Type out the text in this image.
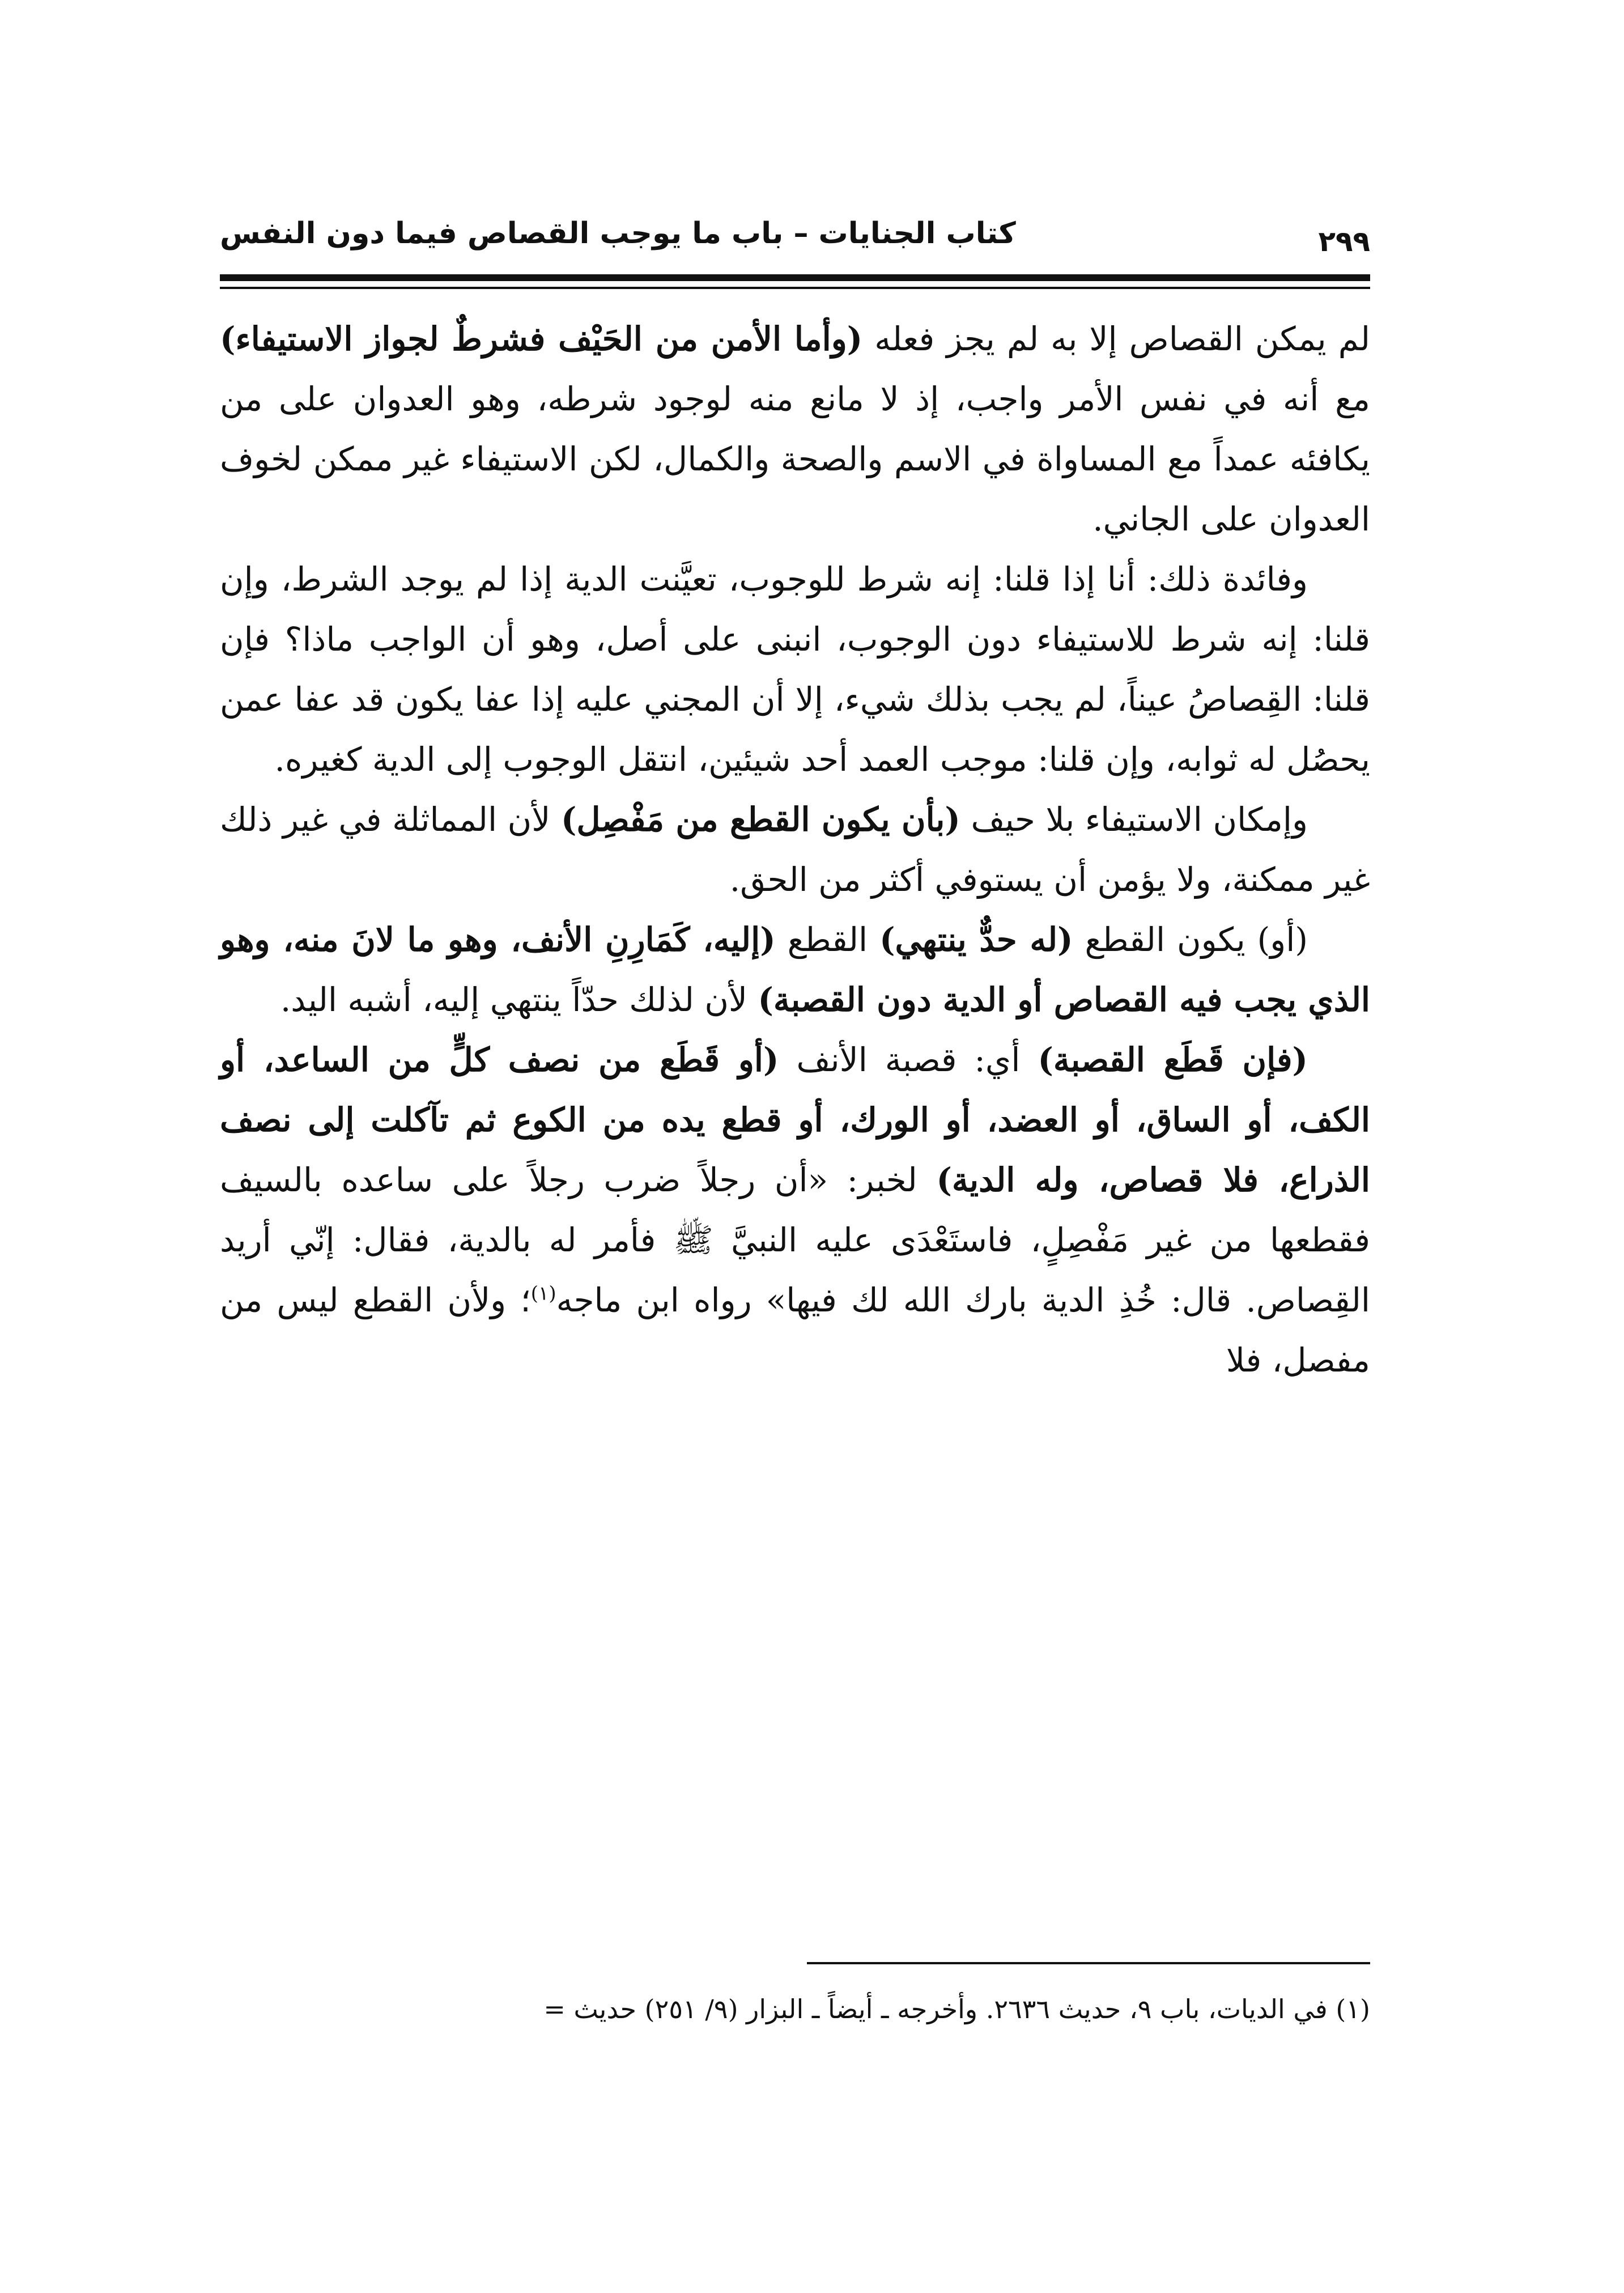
كتاب الجنايات – باب ما يوجب القصاص فيما دون النفس	٢٩٩

لم يمكن القصاص إلا به لم يجز فعله (وأما الأمن من الحَيْف فشرطٌ لجواز الاستيفاء) مع أنه في نفس الأمر واجب، إذ لا مانع منه لوجود شرطه، وهو العدوان على من يكافئه عمداً مع المساواة في الاسم والصحة والكمال، لكن الاستيفاء غير ممكن لخوف العدوان على الجاني.

وفائدة ذلك: أنا إذا قلنا: إنه شرط للوجوب، تعيَّنت الدية إذا لم يوجد الشرط، وإن قلنا: إنه شرط للاستيفاء دون الوجوب، انبنى على أصل، وهو أن الواجب ماذا؟ فإن قلنا: القِصاصُ عيناً، لم يجب بذلك شيء، إلا أن المجني عليه إذا عفا يكون قد عفا عمن يحصُل له ثوابه، وإن قلنا: موجب العمد أحد شيئين، انتقل الوجوب إلى الدية كغيره.

وإمكان الاستيفاء بلا حيف (بأن يكون القطع من مَفْصِل) لأن المماثلة في غير ذلك غير ممكنة، ولا يؤمن أن يستوفي أكثر من الحق.

(أو) يكون القطع (له حدٌّ ينتهي) القطع (إليه، كَمَارِنِ الأنف، وهو ما لانَ منه، وهو الذي يجب فيه القصاص أو الدية دون القصبة) لأن لذلك حدّاً ينتهي إليه، أشبه اليد.

(فإن قَطَع القصبة) أي: قصبة الأنف (أو قَطَع من نصف كلٍّ من الساعد، أو الكف، أو الساق، أو العضد، أو الورك، أو قطع يده من الكوع ثم تآكلت إلى نصف الذراع، فلا قصاص، وله الدية) لخبر: «أن رجلاً ضرب رجلاً على ساعده بالسيف فقطعها من غير مَفْصِلٍ، فاستَعْدَى عليه النبيَّ ﷺ فأمر له بالدية، فقال: إنّي أريد القِصاص. قال: خُذِ الدية بارك الله لك فيها» رواه ابن ماجه$^{(١)}$؛ ولأن القطع ليس من مفصل، فلا

(١) في الديات، باب ٩، حديث ٢٦٣٦. وأخرجه ـ أيضاً ـ البزار (٩/ ٢٥١) حديث =
